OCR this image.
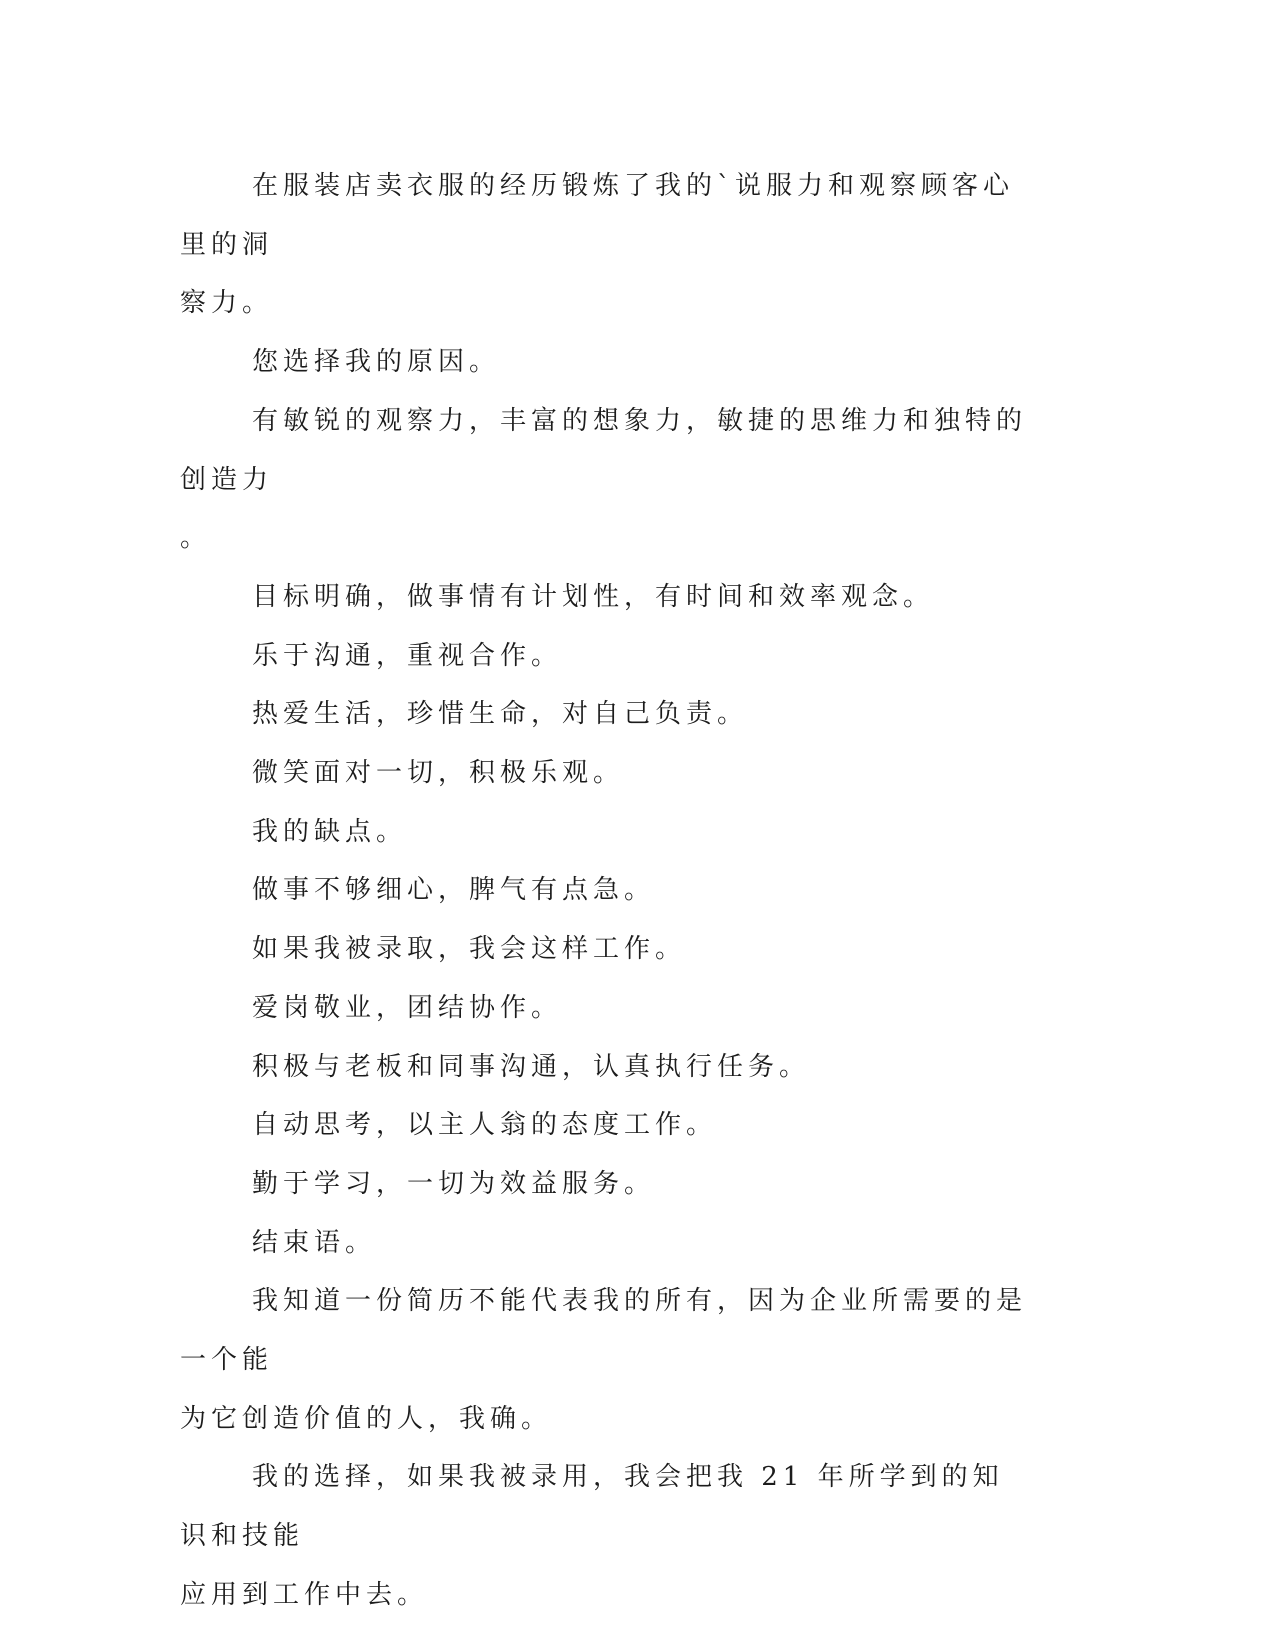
在服装店卖衣服的经历锻炼了我的`说服力和观察顾客心里的洞
察力。

您选择我的原因。

有敏锐的观察力，丰富的想象力，敏捷的思维力和独特的创造力
。

目标明确，做事情有计划性，有时间和效率观念。

乐于沟通，重视合作。

热爱生活，珍惜生命，对自己负责。

微笑面对一切，积极乐观。

我的缺点。

做事不够细心，脾气有点急。

如果我被录取，我会这样工作。

爱岗敬业，团结协作。

积极与老板和同事沟通，认真执行任务。

自动思考，以主人翁的态度工作。

勤于学习，一切为效益服务。

结束语。

我知道一份简历不能代表我的所有，因为企业所需要的是一个能
为它创造价值的人，我确。

我的选择，如果我被录用，我会把我 21 年所学到的知识和技能
应用到工作中去。
